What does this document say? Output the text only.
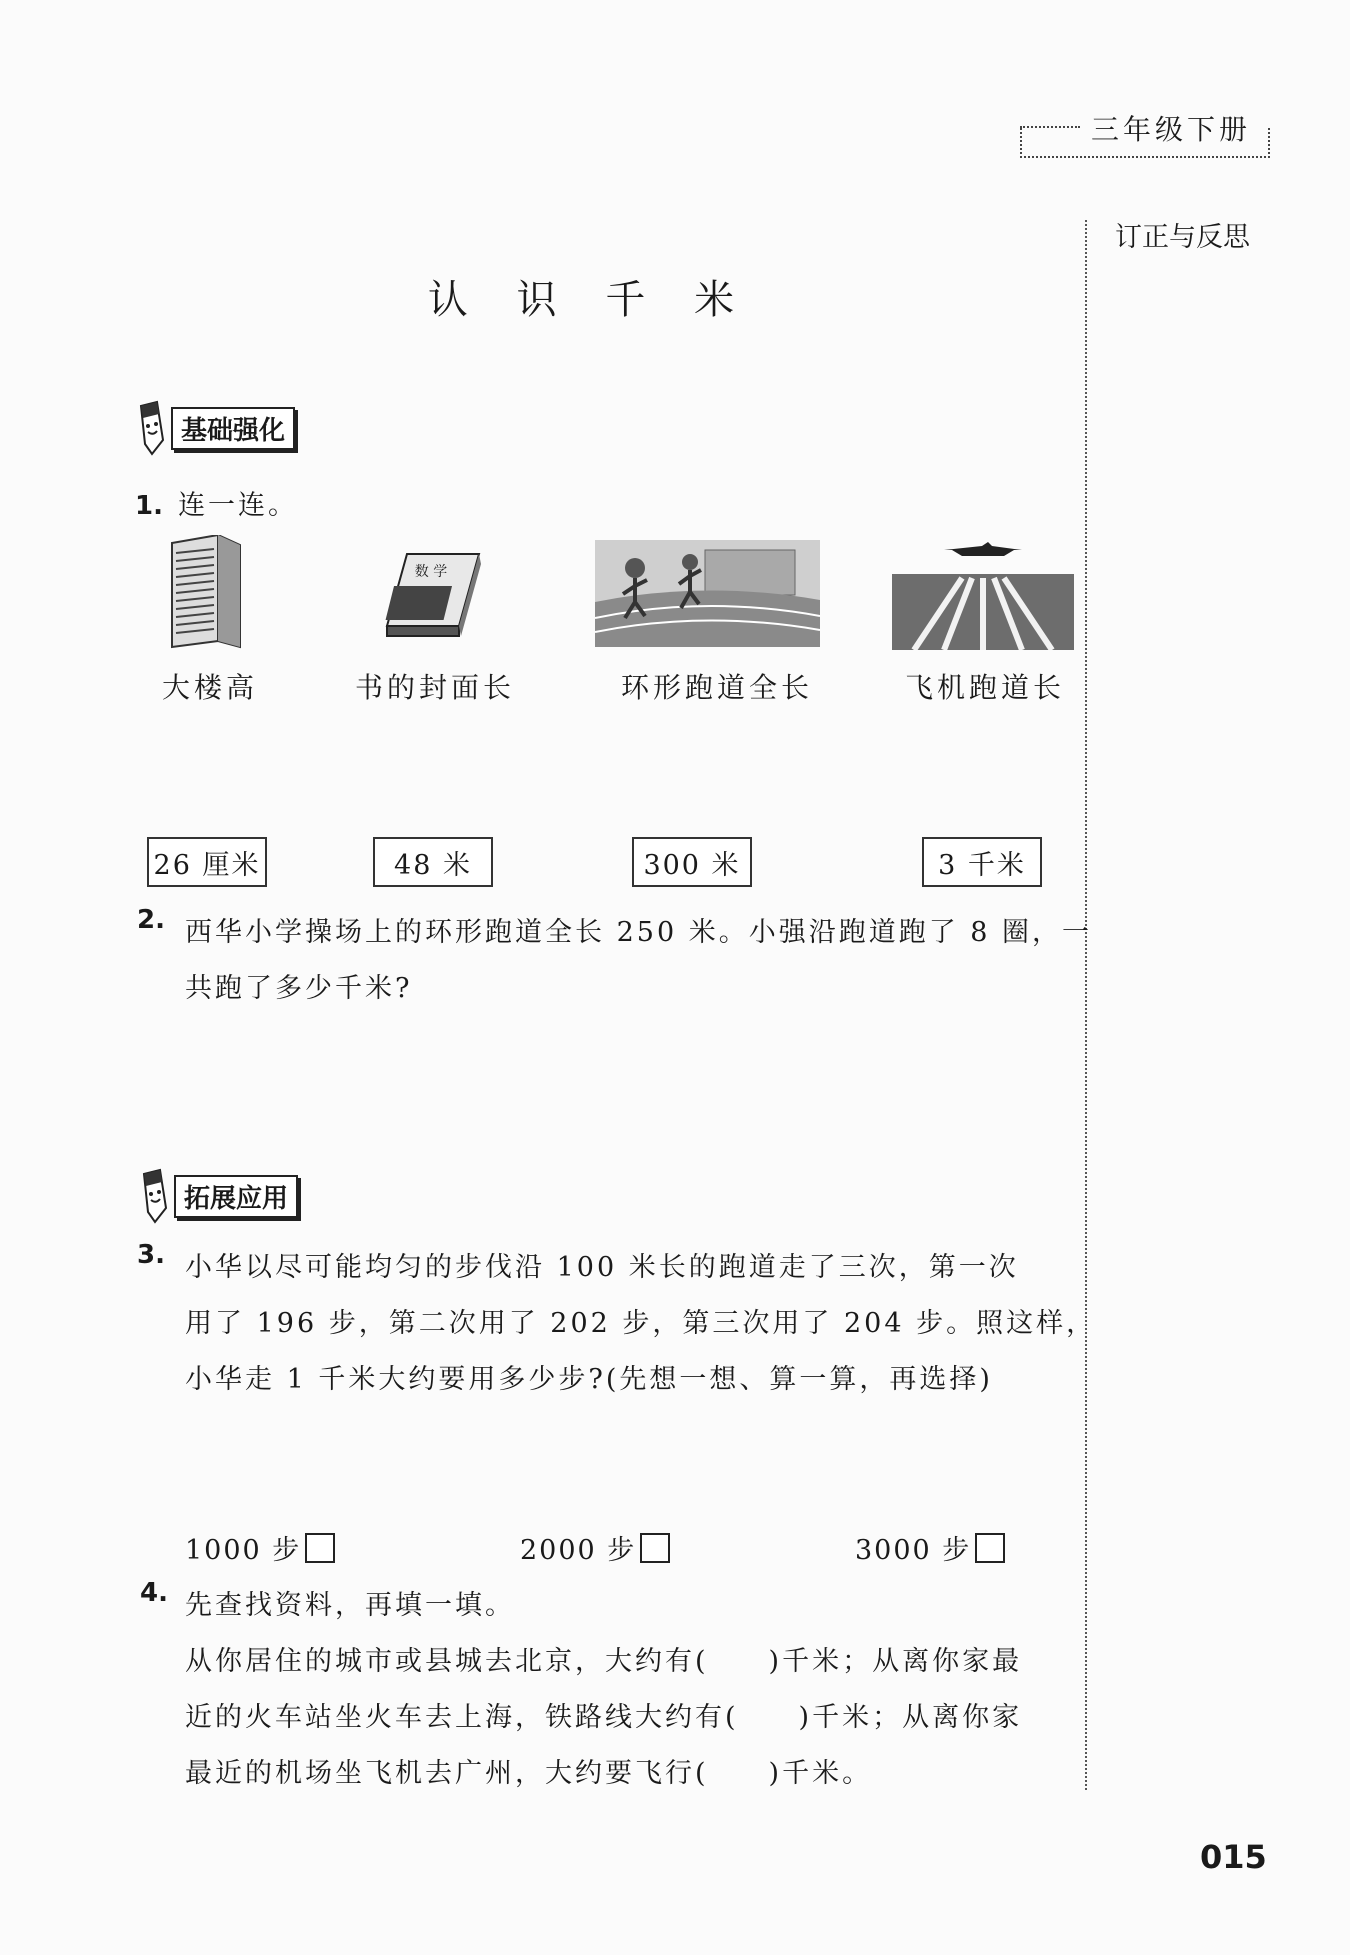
三年级下册
订正与反思
认 识 千 米
基础强化
1. 连一连。
数 学
大楼高	书的封面长	环形跑道全长	飞机跑道长
26 厘米	48 米	300 米	3 千米
2. 西华小学操场上的环形跑道全长 250 米。小强沿跑道跑了 8 圈，一
共跑了多少千米?
拓展应用
3. 小华以尽可能均匀的步伐沿 100 米长的跑道走了三次，第一次
用了 196 步，第二次用了 202 步，第三次用了 204 步。照这样，
小华走 1 千米大约要用多少步?(先想一想、算一算，再选择)
1000 步	2000 步	3000 步
4. 先查找资料，再填一填。
从你居住的城市或县城去北京，大约有( )千米；从离你家最
近的火车站坐火车去上海，铁路线大约有( )千米；从离你家
最近的机场坐飞机去广州，大约要飞行( )千米。
015
